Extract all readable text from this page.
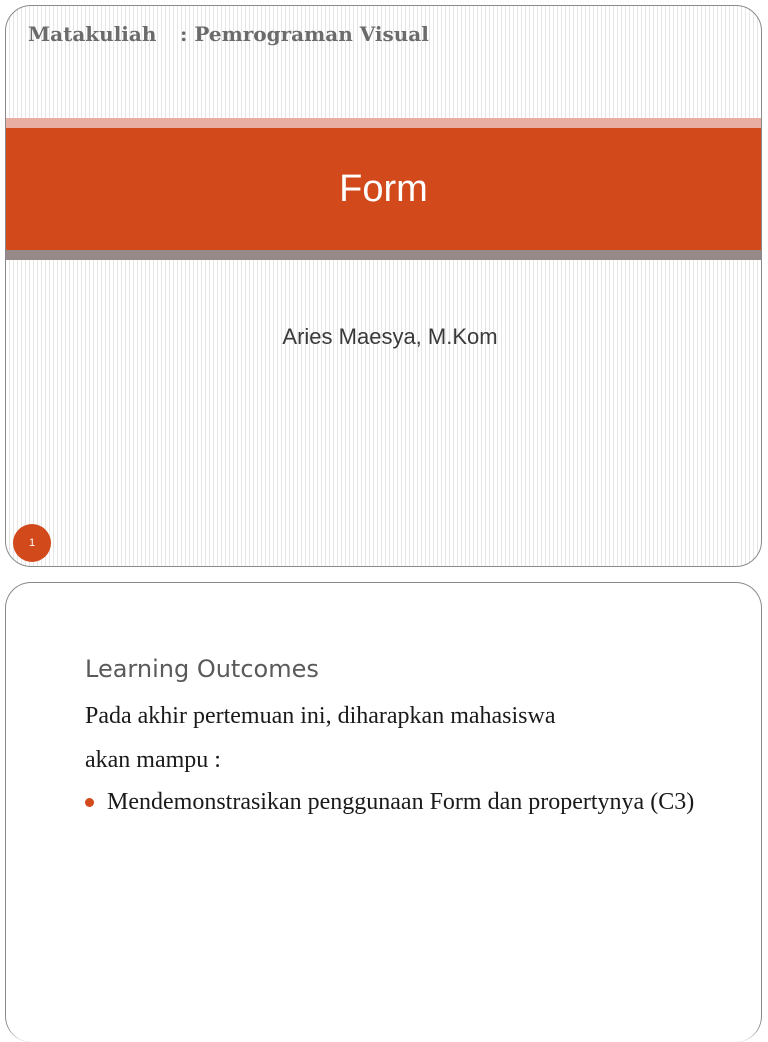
Matakuliah : Pemrograman Visual
Form
Aries Maesya, M.Kom
1
Learning Outcomes
Pada akhir pertemuan ini, diharapkan mahasiswa
akan mampu :
Mendemonstrasikan penggunaan Form dan propertynya (C3)
